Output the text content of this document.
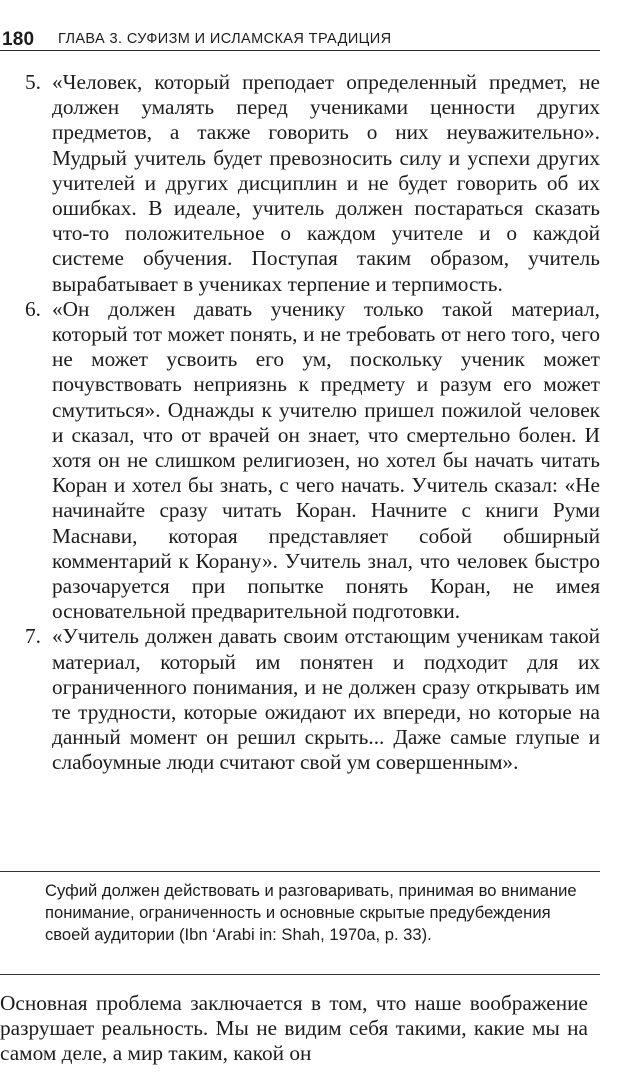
180 ГЛАВА 3. СУФИЗМ И ИСЛАМСКАЯ ТРАДИЦИЯ
5. «Человек, который преподает определенный предмет, не должен умалять перед учениками ценности других предметов, а также говорить о них неуважительно». Мудрый учитель будет превозносить силу и успехи других учителей и других дисциплин и не будет говорить об их ошибках. В идеале, учитель должен постараться сказать что-то положительное о каждом учителе и о каждой системе обучения. Поступая таким образом, учитель вырабатывает в учениках терпение и терпимость.
6. «Он должен давать ученику только такой материал, который тот может понять, и не требовать от него того, чего не может усвоить его ум, поскольку ученик может почувствовать неприязнь к предмету и разум его может смутиться». Однажды к учителю пришел пожилой человек и сказал, что от врачей он знает, что смертельно болен. И хотя он не слишком религиозен, но хотел бы начать читать Коран и хотел бы знать, с чего начать. Учитель сказал: «Не начинайте сразу читать Коран. Начните с книги Руми Маснави, которая представляет собой обширный комментарий к Корану». Учитель знал, что человек быстро разочаруется при попытке понять Коран, не имея основательной предварительной подготовки.
7. «Учитель должен давать своим отстающим ученикам такой материал, который им понятен и подходит для их ограниченного понимания, и не должен сразу открывать им те трудности, которые ожидают их впереди, но которые на данный момент он решил скрыть... Даже самые глупые и слабоумные люди считают свой ум совершенным».

Суфий должен действовать и разговаривать, принимая во внимание понимание, ограниченность и основные скрытые предубеждения своей аудитории (Ibn ‘Arabi in: Shah, 1970a, p. 33).

Основная проблема заключается в том, что наше воображение разрушает реальность. Мы не видим себя такими, какие мы на самом деле, а мир таким, какой он
